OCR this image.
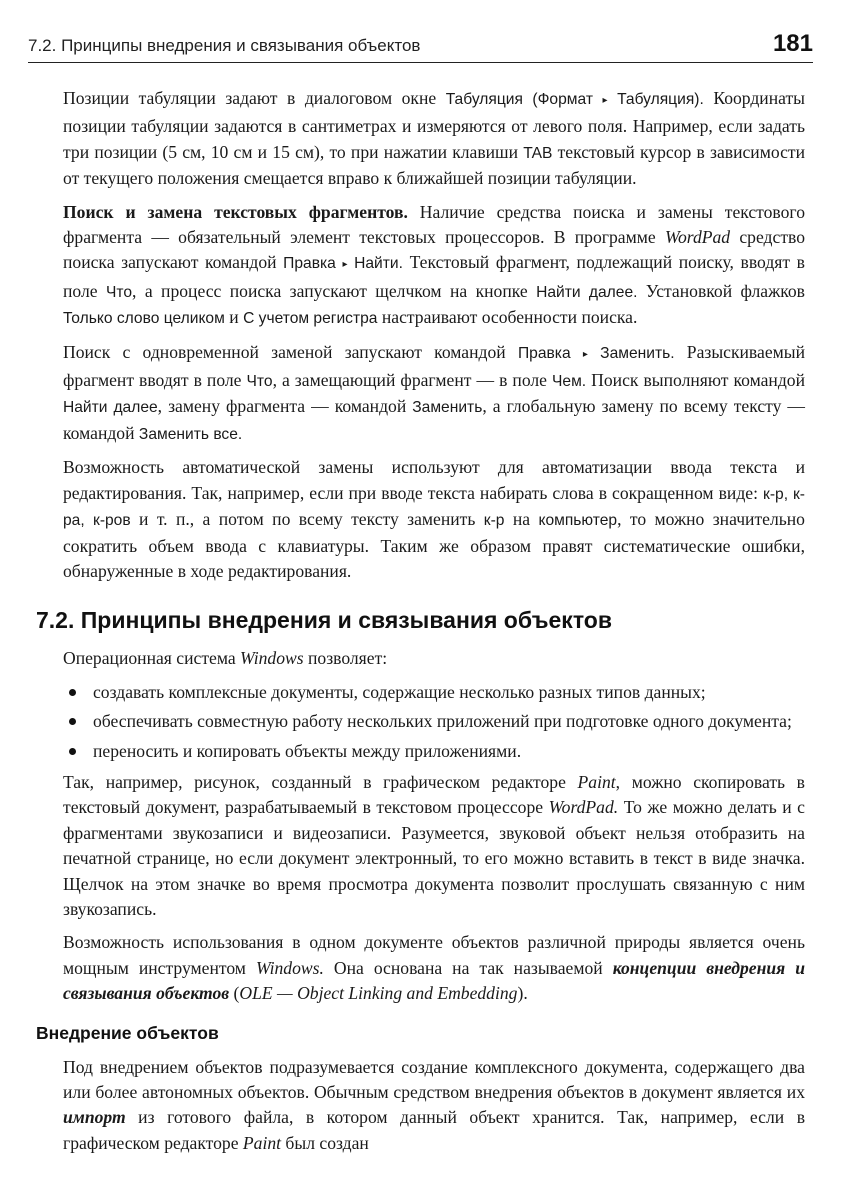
7.2. Принципы внедрения и связывания объектов	181

Позиции табуляции задают в диалоговом окне Табуляция (Формат ▸ Табуляция). Координаты позиции табуляции задаются в сантиметрах и измеряются от левого поля. Например, если задать три позиции (5 см, 10 см и 15 см), то при нажатии клавиши TAB текстовый курсор в зависимости от текущего положения смещается вправо к ближайшей позиции табуляции.

Поиск и замена текстовых фрагментов. Наличие средства поиска и замены текстового фрагмента — обязательный элемент текстовых процессоров. В программе WordPad средство поиска запускают командой Правка ▸ Найти. Текстовый фрагмент, подлежащий поиску, вводят в поле Что, а процесс поиска запускают щелчком на кнопке Найти далее. Установкой флажков Только слово целиком и С учетом регистра настраивают особенности поиска.

Поиск с одновременной заменой запускают командой Правка ▸ Заменить. Разыскиваемый фрагмент вводят в поле Что, а замещающий фрагмент — в поле Чем. Поиск выполняют командой Найти далее, замену фрагмента — командой Заменить, а глобальную замену по всему тексту — командой Заменить все.

Возможность автоматической замены используют для автоматизации ввода текста и редактирования. Так, например, если при вводе текста набирать слова в сокращенном виде: к-р, к-ра, к-ров и т. п., а потом по всему тексту заменить к-р на компьютер, то можно значительно сократить объем ввода с клавиатуры. Таким же образом правят систематические ошибки, обнаруженные в ходе редактирования.

7.2. Принципы внедрения и связывания объектов

Операционная система Windows позволяет:

создавать комплексные документы, содержащие несколько разных типов данных;
обеспечивать совместную работу нескольких приложений при подготовке одного документа;
переносить и копировать объекты между приложениями.

Так, например, рисунок, созданный в графическом редакторе Paint, можно скопировать в текстовый документ, разрабатываемый в текстовом процессоре WordPad. То же можно делать и с фрагментами звукозаписи и видеозаписи. Разумеется, звуковой объект нельзя отобразить на печатной странице, но если документ электронный, то его можно вставить в текст в виде значка. Щелчок на этом значке во время просмотра документа позволит прослушать связанную с ним звукозапись.

Возможность использования в одном документе объектов различной природы является очень мощным инструментом Windows. Она основана на так называемой концепции внедрения и связывания объектов (OLE — Object Linking and Embedding).

Внедрение объектов

Под внедрением объектов подразумевается создание комплексного документа, содержащего два или более автономных объектов. Обычным средством внедрения объектов в документ является их импорт из готового файла, в котором данный объект хранится. Так, например, если в графическом редакторе Paint был создан
